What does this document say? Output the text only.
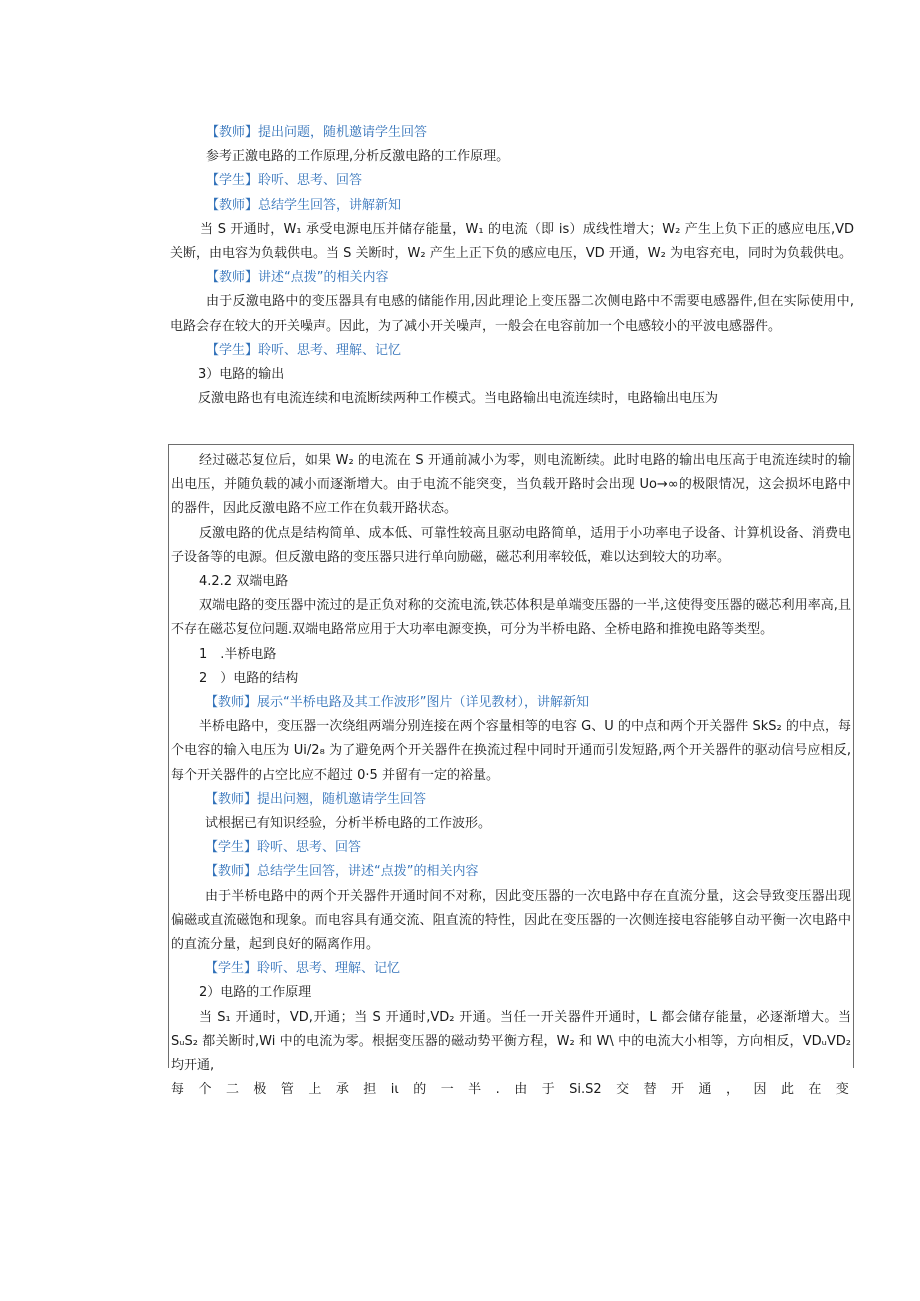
【教师】提出问题，随机邀请学生回答
参考正激电路的工作原理,分析反激电路的工作原理。
【学生】聆听、思考、回答
【教师】总结学生回答，讲解新知
当 S 开通时，W₁ 承受电源电压并储存能量，W₁ 的电流（即 is）成线性增大；W₂ 产生上负下正的感应电压,VD 关断，由电容为负载供电。当 S 关断时，W₂ 产生上正下负的感应电压，VD 开通，W₂ 为电容充电，同时为负载供电。
【教师】讲述“点拨”的相关内容
由于反激电路中的变压器具有电感的储能作用,因此理论上变压器二次侧电路中不需要电感器件,但在实际使用中,电路会存在较大的开关噪声。因此，为了减小开关噪声，一般会在电容前加一个电感较小的平波电感器件。
【学生】聆听、思考、理解、记忆
3）电路的输出
反激电路也有电流连续和电流断续两种工作模式。当电路输出电流连续时，电路输出电压为
经过磁芯复位后，如果 W₂ 的电流在 S 开通前减小为零，则电流断续。此时电路的输出电压高于电流连续时的输出电压，并随负载的减小而逐渐增大。由于电流不能突变，当负载开路时会出现 Uo→∞的极限情况，这会损坏电路中的器件，因此反激电路不应工作在负载开路状态。
反激电路的优点是结构简单、成本低、可靠性较高且驱动电路简单，适用于小功率电子设备、计算机设备、消费电子设备等的电源。但反激电路的变压器只进行单向励磁，磁芯利用率较低，难以达到较大的功率。
4.2.2 双端电路
双端电路的变压器中流过的是正负对称的交流电流,铁芯体积是单端变压器的一半,这使得变压器的磁芯利用率高,且不存在磁芯复位问题.双端电路常应用于大功率电源变换，可分为半桥电路、全桥电路和推挽电路等类型。
1　.半桥电路
2　）电路的结构
【教师】展示“半桥电路及其工作波形”图片（详见教材），讲解新知
半桥电路中，变压器一次绕组两端分别连接在两个容量相等的电容 G、U 的中点和两个开关器件 SkS₂ 的中点，每个电容的输入电压为 Ui/2₈ 为了避免两个开关器件在换流过程中同时开通而引发短路,两个开关器件的驱动信号应相反,每个开关器件的占空比应不超过 0·5 并留有一定的裕量。
【教师】提出问翘，随机邀请学生回答
试根据已有知识经验，分析半桥电路的工作波形。
【学生】聆听、思考、回答
【教师】总结学生回答，讲述“点拨”的相关内容
由于半桥电路中的两个开关器件开通时间不对称，因此变压器的一次电路中存在直流分量，这会导致变压器出现偏磁或直流磁饱和现象。而电容具有通交流、阻直流的特性，因此在变压器的一次侧连接电容能够自动平衡一次电路中的直流分量，起到良好的隔离作用。
【学生】聆听、思考、理解、记忆
2）电路的工作原理
当 S₁ 开通时，VD,开通；当 S 开通时,VD₂ 开通。当任一开关器件开通时，L 都会储存能量，必逐渐增大。当 SᵤS₂ 都关断时,Wi 中的电流为零。根据变压器的磁动势平衡方程，W₂ 和 W\ 中的电流大小相等，方向相反，VDᵤVD₂ 均开通,
每 个 二 极 管 上 承 担 iι 的 一 半 . 由 于 Si.S2 交 替 开 通 ， 因 此 在 变
